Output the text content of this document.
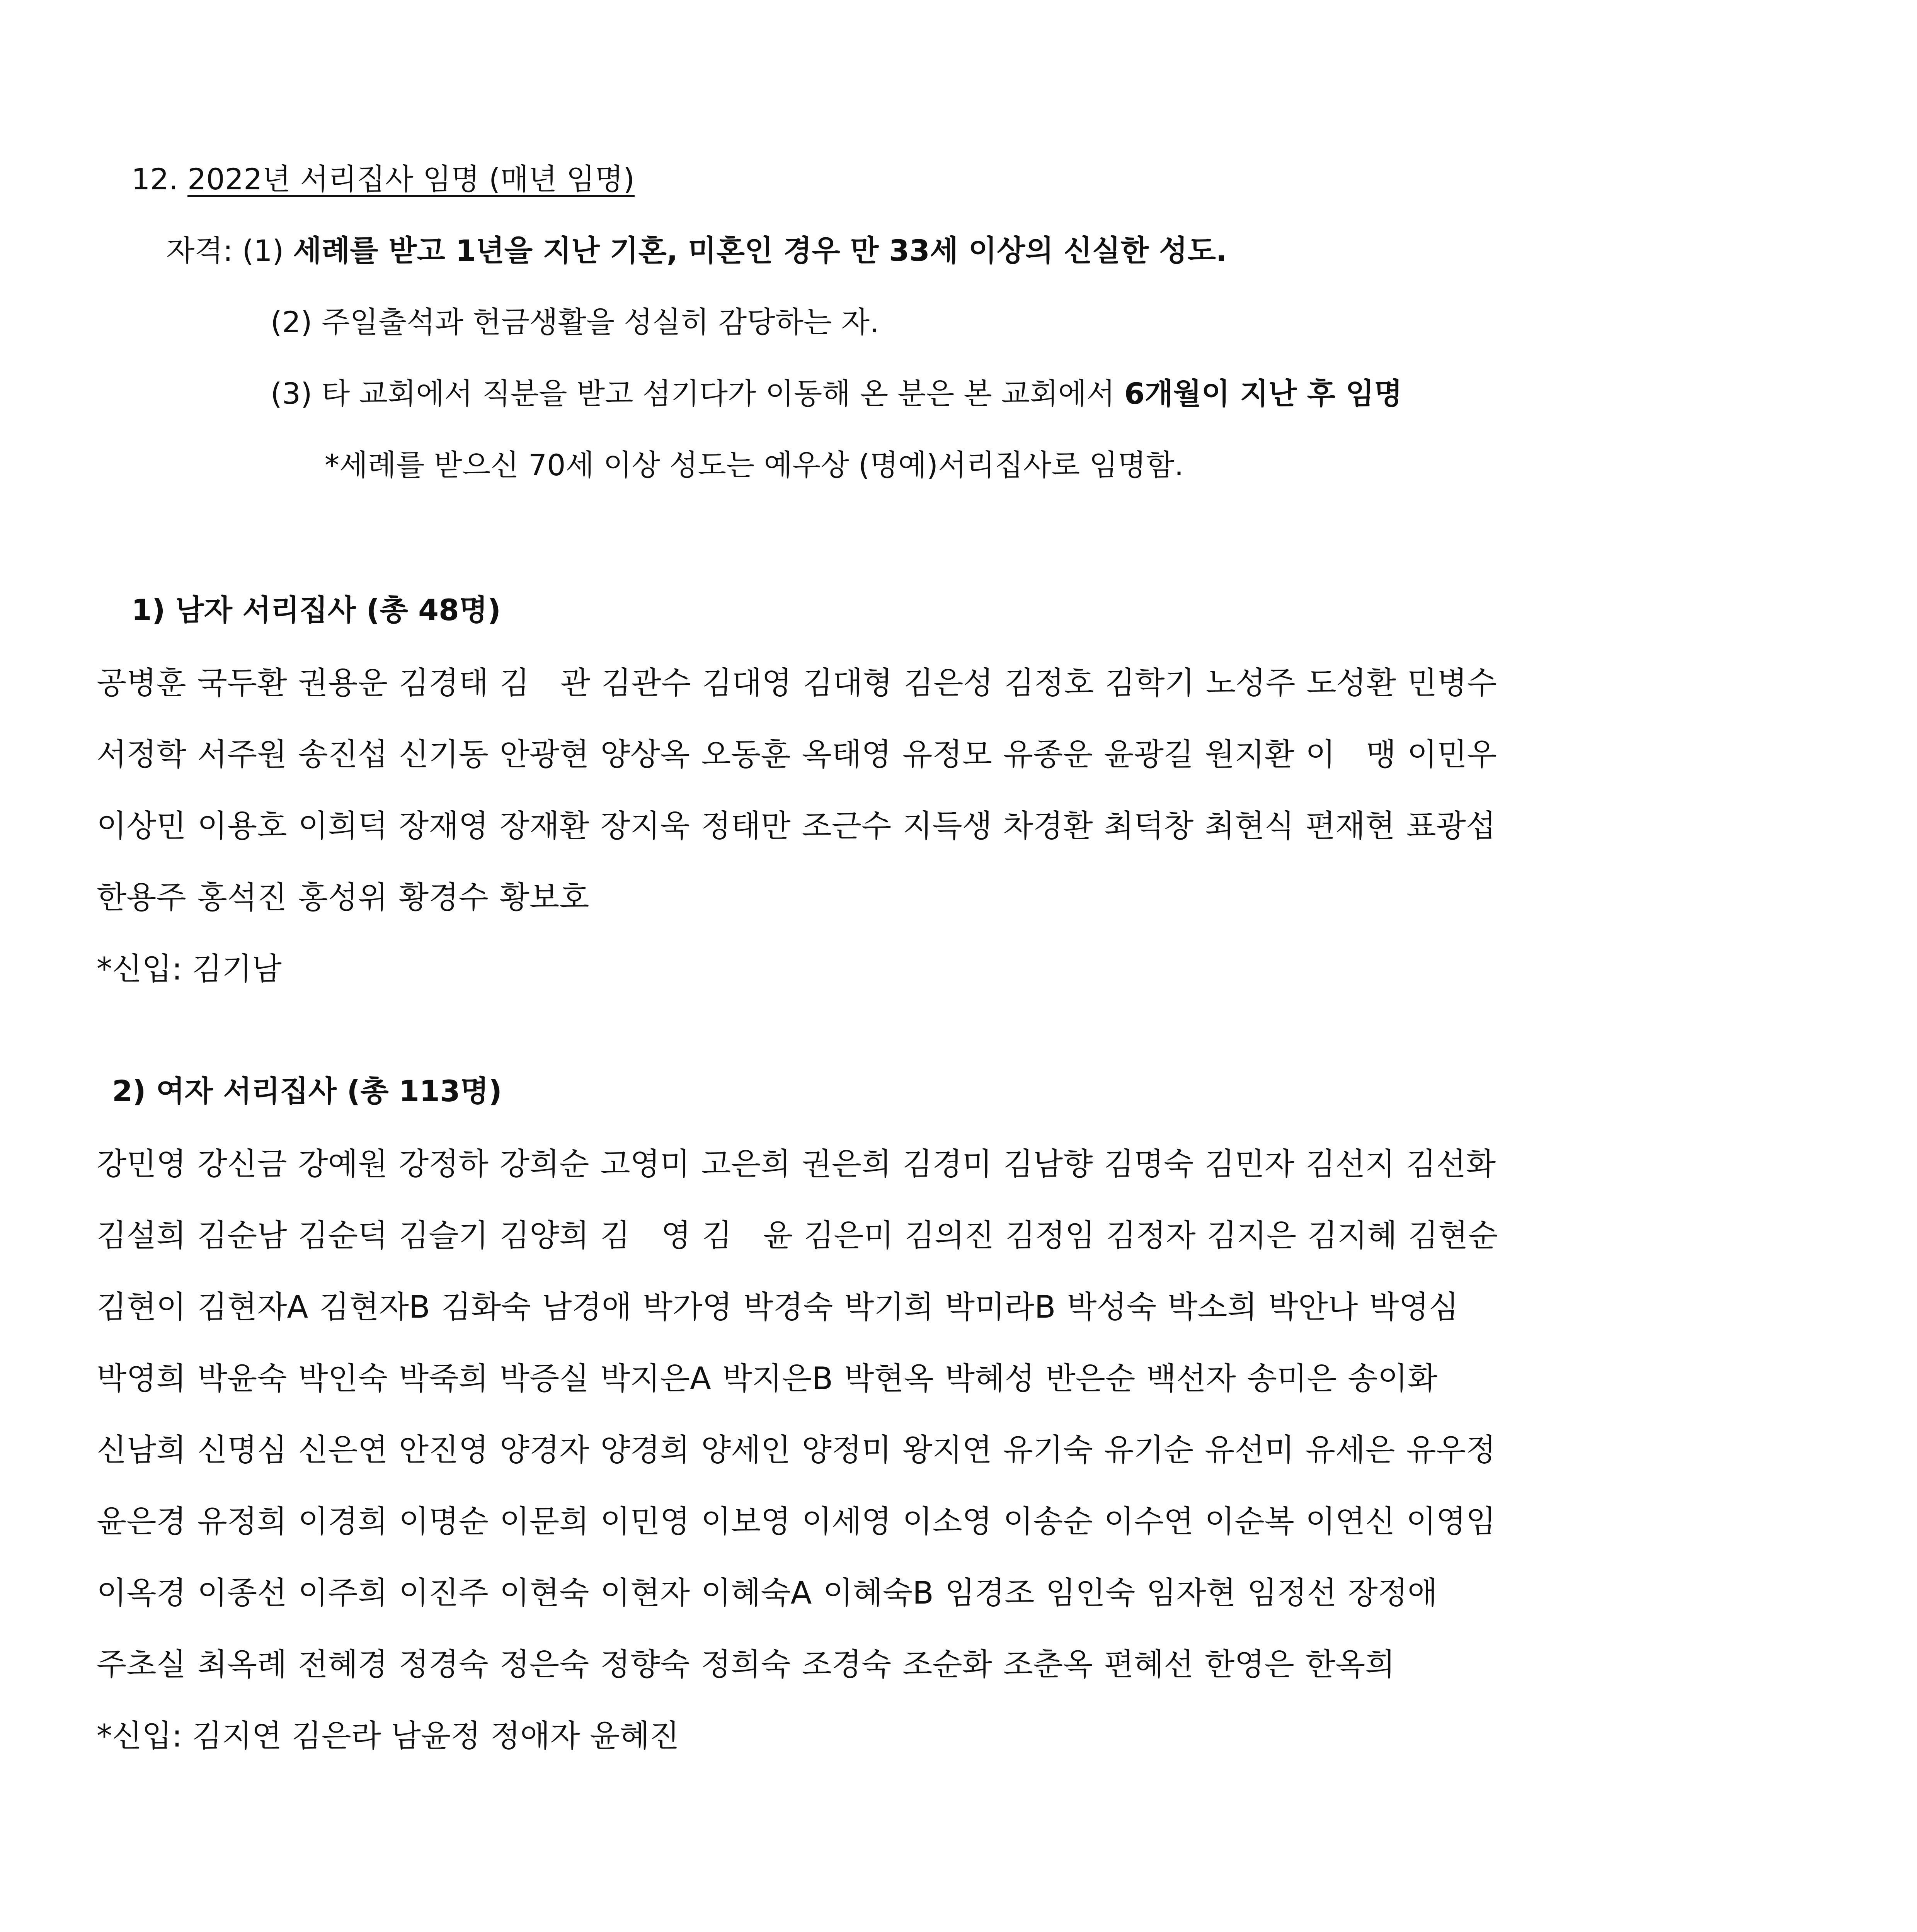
12. 2022년 서리집사 임명 (매년 임명)
자격: (1) 세례를 받고 1년을 지난 기혼, 미혼인 경우 만 33세 이상의 신실한 성도.
(2) 주일출석과 헌금생활을 성실히 감당하는 자.
(3) 타 교회에서 직분을 받고 섬기다가 이동해 온 분은 본 교회에서 6개월이 지난 후 임명
*세례를 받으신 70세 이상 성도는 예우상 (명예)서리집사로 임명함.
1) 남자 서리집사 (총 48명)
공병훈 국두환 권용운 김경태 김　관 김관수 김대영 김대형 김은성 김정호 김학기 노성주 도성환 민병수
서정학 서주원 송진섭 신기동 안광현 양상옥 오동훈 옥태영 유정모 유종운 윤광길 원지환 이　맹 이민우
이상민 이용호 이희덕 장재영 장재환 장지욱 정태만 조근수 지득생 차경환 최덕창 최현식 편재현 표광섭
한용주 홍석진 홍성위 황경수 황보호
*신입: 김기남
2) 여자 서리집사 (총 113명)
강민영 강신금 강예원 강정하 강희순 고영미 고은희 권은희 김경미 김남향 김명숙 김민자 김선지 김선화
김설희 김순남 김순덕 김슬기 김양희 김　영 김　윤 김은미 김의진 김정임 김정자 김지은 김지혜 김현순
김현이 김현자A 김현자B 김화숙 남경애 박가영 박경숙 박기희 박미라B 박성숙 박소희 박안나 박영심
박영희 박윤숙 박인숙 박죽희 박증실 박지은A 박지은B 박현옥 박혜성 반은순 백선자 송미은 송이화
신남희 신명심 신은연 안진영 양경자 양경희 양세인 양정미 왕지연 유기숙 유기순 유선미 유세은 유우정
윤은경 유정희 이경희 이명순 이문희 이민영 이보영 이세영 이소영 이송순 이수연 이순복 이연신 이영임
이옥경 이종선 이주희 이진주 이현숙 이현자 이혜숙A 이혜숙B 임경조 임인숙 임자현 임정선 장정애
주초실 최옥례 전혜경 정경숙 정은숙 정향숙 정희숙 조경숙 조순화 조춘옥 편혜선 한영은 한옥희
*신입: 김지연 김은라 남윤정 정애자 윤혜진
